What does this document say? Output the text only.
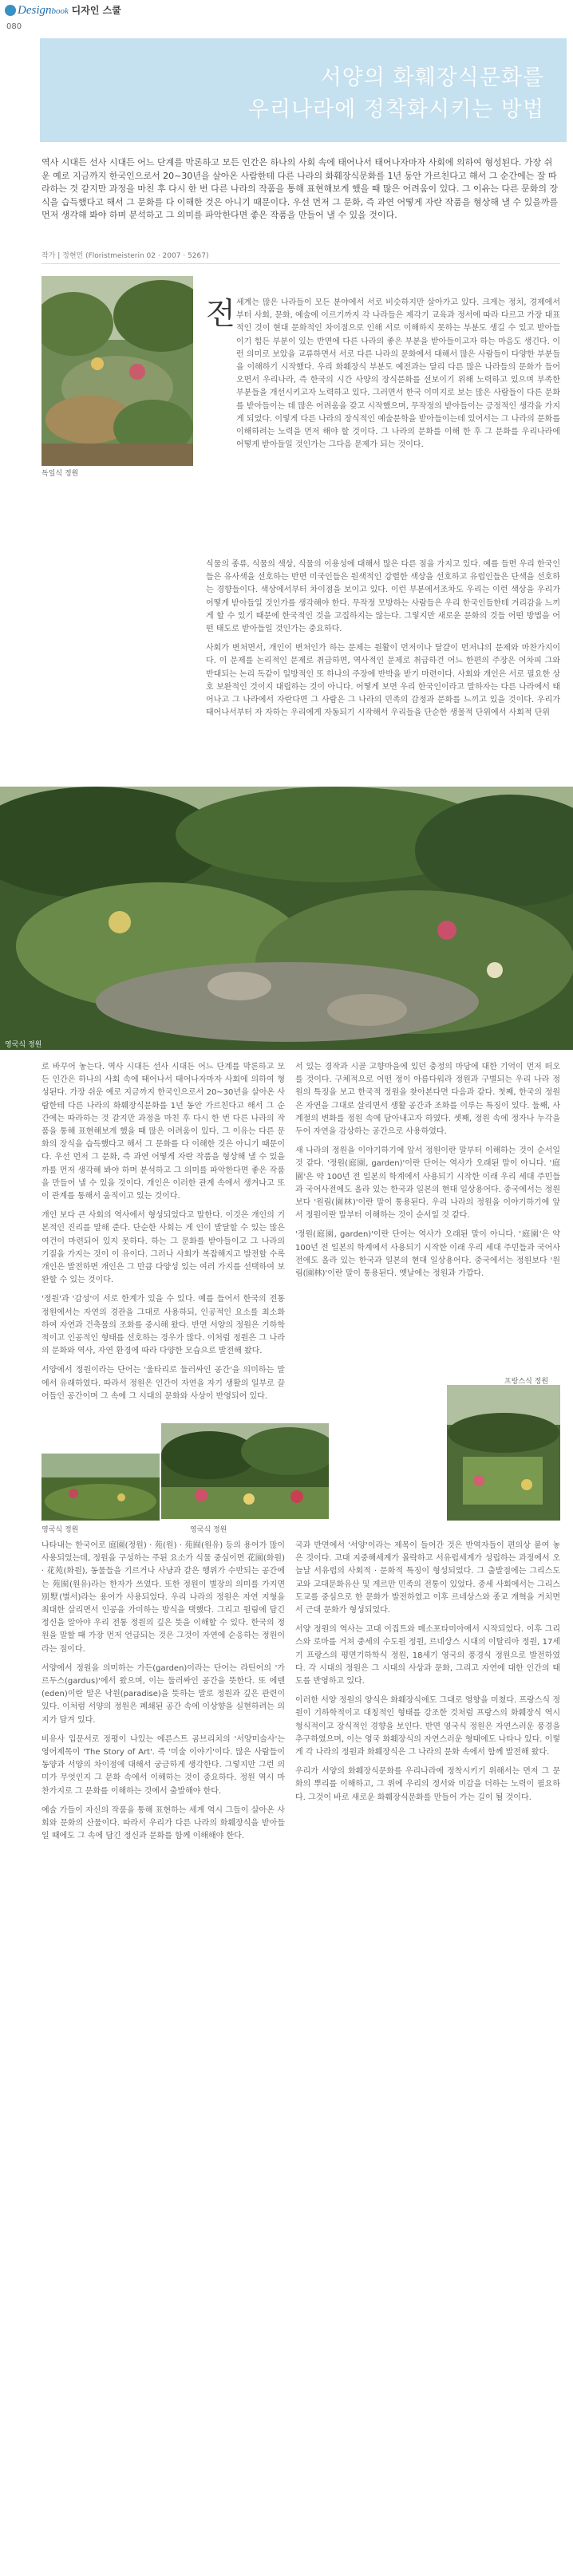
Designbook 디자인 스쿨
080
서양의 화훼장식문화를
우리나라에 정착화시키는 방법
역사 시대든 선사 시대든 어느 단계를 막론하고 모든 인간은 하나의 사회 속에 태어나서 태어나자마자 사회에 의하여 형성된다. 가장 쉬운 예로 지금까지 한국인으로서 20~30년을 살아온 사람한테 다른 나라의 화훼장식문화를 1년 동안 가르친다고 해서 그 순간에는 잘 따라하는 것 같지만 과정을 마친 후 다시 한 번 다른 나라의 작품을 통해 표현해보게 했을 때 많은 어려움이 있다. 그 이유는 다른 문화의 장식을 습득했다고 해서 그 문화를 다 이해한 것은 아니기 때문이다. 우선 먼저 그 문화, 즉 과연 어떻게 자란 작품을 형상해 낼 수 있을까를 먼저 생각해 봐야 하며 분석하고 그 의미를 파악한다면 좋은 작품을 만들어 낼 수 있을 것이다.
작가 | 정현민 (Floristmeisterin 02 · 2007 · 5267)
독일식 정원
전 세계는 많은 나라들이 모든 분야에서 서로 비슷하지만 살아가고 있다. 크게는 정치, 경제에서부터 사회, 문화, 예술에 이르기까지 각 나라들은 제각기 교육과 정서에 따라 다르고 가장 대표적인 것이 현대 문화적인 차이점으로 인해 서로 이해하지 못하는 부분도 생길 수 있고 받아들이기 힘든 부분이 있는 반면에 다른 나라의 좋은 부분을 받아들이고자 하는 마음도 생긴다. 이런 의미로 보았을 교류하면서 서로 다른 나라의 문화에서 대해서 많은 사람들이 다양한 부분들을 이해하기 시작했다. 우리 화훼장식 부분도 예전과는 달리 다른 많은 나라들의 문화가 들어 오면서 우리나라, 즉 한국의 시간 사양의 장식문화를 선보이기 위해 노력하고 있으며 부족한 부분들을 개선시키고자 노력하고 있다. 그러면서 한국 이미지로 보는 많은 사람들이 다른 문화를 받아들이는 데 많은 어려움을 갖고 시작했으며, 무작정의 받아들이는 긍정적인 생각을 가지게 되었다. 이렇게 다른 나라의 장식적인 예술문학을 받아들이는데 있어서는 그 나라의 문화를 이해하려는 노력을 먼저 해야 할 것이다. 그 나라의 문화를 이해 한 후 그 문화를 우리나라에 어떻게 받아들일 것인가는 그다음 문제가 되는 것이다.

식물의 종류, 식물의 색상, 식물의 이용성에 대해서 많은 다른 점을 가지고 있다. 예를 들면 우리 한국인들은 유사색을 선호하는 반면 미국인들은 원색적인 강렬한 색상을 선호하고 유럽인들은 단색을 선호하는 경향들이다. 색상에서부터 차이점을 보이고 있다. 이런 부분에서조차도 우리는 이런 색상을 우리가 어떻게 받아들일 것인가를 생각해야 한다. 무작정 모방하는 사람들은 우리 한국인들한테 거리감을 느끼게 할 수 있기 때문에 한국적인 것을 고집하지는 않는다. 그렇지만 새로운 문화의 것들 어떤 방법을 어떤 태도로 받아들일 것인가는 중요하다.

사회가 변처면서, 개인이 변처인가 하는 문제는 원활이 먼저이나 달걀이 먼저냐의 문제와 마찬가지이다. 이 문제를 논리적인 문제로 취급하면, 역사적인 문제로 취급하건 어느 한편의 주장은 어차피 그와 반대되는 논리 독같이 일방적인 또 하나의 주장에 반박을 받기 마련이다. 사회와 개인은 서로 필요한 상호 보완적인 것이지 대립하는 것이 아니다. 어떻게 보면 우리 한국인이라고 말하자는 다른 나라에서 태어나고 그 나라에서 자란다면 그 사람은 그 나라의 민족의 감정과 문화를 느끼고 있을 것이다. 우리가 태어나서부터 자 자하는 우리에게 자동되기 시작해서 우리들을 단순한 생물적 단위에서 사회적 단위

영국식 정원

로 바꾸어 놓는다. 역사 시대든 선사 시대든 어느 단계를 막론하고 모든 인간은 하나의 사회 속에 태어나서 태어나자마자 사회에 의하여 형성된다. 가장 쉬운 예로 지금까지 한국인으로서 20~30년을 살아온 사람한테 다른 나라의 화훼장식문화를 1년 동안 가르친다고 해서 그 순간에는 따라하는 것 같지만 과정을 마친 후 다시 한 번 다른 나라의 작품을 통해 표현해보게 했을 때 많은 어려움이 있다. 그 이유는 다른 문화의 장식을 습득했다고 해서 그 문화를 다 이해한 것은 아니기 때문이다. 우선 먼저 그 문화, 즉 과연 어떻게 자란 작품을 형상해 낼 수 있을까를 먼저 생각해 봐야 하며 분석하고 그 의미를 파악한다면 좋은 작품을 만들어 낼 수 있을 것이다. 개인은 이러한 관계 속에서 생겨나고 또 이 관계를 통해서 움직이고 있는 것이다.

개인 보다 큰 사회의 역사에서 형성되었다고 말한다. 이것은 개인의 기본적인 진리를 말해 준다. 단순한 사회는 게 인이 발달할 수 있는 많은 여건이 마련되어 있지 못하다. 하는 그 문화를 받아들이고 그 나라의 기질을 가지는 것이 이 유이다. 그러나 사회가 복잡해지고 발전할 수록 개인은 발전하면 개인은 그 만큼 다양성 있는 여러 가지를 선택하여 보완할 수 있는 것이다.

'정원'과 '감성'이 서로 한계가 있을 수 있다. 예를 들어서 한국의 전통 정원에서는 자연의 경관을 그대로 사용하되, 인공적인 요소를 최소화하여 자연과 건축물의 조화를 중시해 왔다. 반면 서양의 정원은 기하학적이고 인공적인 형태를 선호하는 경우가 많다. 이처럼 정원은 그 나라의 문화와 역사, 자연 환경에 따라 다양한 모습으로 발전해 왔다.

서양에서 정원이라는 단어는 '울타리로 둘러싸인 공간'을 의미하는 말에서 유래하였다. 따라서 정원은 인간이 자연을 자기 생활의 일부로 끌어들인 공간이며 그 속에 그 시대의 문화와 사상이 반영되어 있다.

서 있는 경작과 시골 고향마을에 있던 충정의 마당에 대한 기억이 먼저 떠오를 것이다. 구체적으로 어떤 정이 아름다워라 정원과 구별되는 우리 나라 정원의 특징을 보고 한국적 정원을 찾아본다면 다음과 같다. 첫째, 한국의 정원은 자연을 그대로 살리면서 생활 공간과 조화를 이루는 특징이 있다. 둘째, 사계절의 변화를 정원 속에 담아내고자 하였다. 셋째, 정원 속에 정자나 누각을 두어 자연을 감상하는 공간으로 사용하였다.

새 나라의 정원을 이야기하기에 앞서 정원이란 말부터 이해하는 것이 순서일 것 같다. '정원(庭園, garden)'이란 단어는 역사가 오래된 말이 아니다. '庭園'은 약 100년 전 일본의 학계에서 사용되기 시작한 이래 우리 세대 주민들과 국어사전에도 올라 있는 한국과 일본의 현대 일상용어다. 중국에서는 정원보다 '원림(園林)'이란 말이 통용된다. 우리 나라의 정원을 이야기하기에 앞서 정원이란 말부터 이해하는 것이 순서일 것 같다.

'정원(庭園, garden)'이란 단어는 역사가 오래된 말이 아니다. '庭園'은 약 100년 전 일본의 학계에서 사용되기 시작한 이래 우리 세대 주민들과 국어사전에도 올라 있는 한국과 일본의 현대 일상용어다. 중국에서는 정원보다 '원림(園林)'이란 말이 통용된다. 옛날에는 정원과 가깝다.

영국식 정원	영국식 정원
프랑스식 정원

나타내는 한국어로 庭園(정원) · 苑(원) · 苑囿(원유) 등의 용어가 많이 사용되었는데, 정원을 구성하는 주된 요소가 식물 중심이면 花園(화원) · 花苑(화원), 동물들을 기르거나 사냥과 같은 행위가 수반되는 공간에는 苑囿(원유)라는 한자가 쓰였다. 또한 정원이 별장의 의미를 가지면 別墅(별서)라는 용어가 사용되었다. 우리 나라의 정원은 자연 지형을 최대한 살리면서 인공을 가미하는 방식을 택했다. 그리고 원림에 담긴 정신을 알아야 우리 전통 정원의 깊은 뜻을 이해할 수 있다. 한국의 정원을 말할 때 가장 먼저 언급되는 것은 그것이 자연에 순응하는 정원이라는 점이다.

서양에서 정원을 의미하는 가든(garden)이라는 단어는 라틴어의 '가르두스(gardus)'에서 왔으며, 이는 둘러싸인 공간을 뜻한다. 또 에덴(eden)이란 말은 낙원(paradise)을 뜻하는 말로 정원과 깊은 관련이 있다. 이처럼 서양의 정원은 폐쇄된 공간 속에 이상향을 실현하려는 의지가 담겨 있다.

비유사 입문서로 정평이 나있는 에른스트 곰브리치의 '서양미술사'는 영어제목이 'The Story of Art'. 즉 '미술 이야기'이다. 많은 사람들이 동양과 서양의 차이점에 대해서 궁금하게 생각한다. 그렇지만 그런 의미가 무엇인지 그 문화 속에서 이해하는 것이 중요하다. 정원 역시 마찬가지로 그 문화를 이해하는 것에서 출발해야 한다.

예술 가들이 자신의 작품을 통해 표현하는 세계 역시 그들이 살아온 사회와 문화의 산물이다. 따라서 우리가 다른 나라의 화훼장식을 받아들일 때에도 그 속에 담긴 정신과 문화를 함께 이해해야 한다.

국과 반면에서 '서양'이라는 제목이 들어간 것은 반역자들이 편의상 붙여 놓은 것이다. 고대 지중해세계가 몰락하고 서유럽세계가 성립하는 과정에서 오늘날 서유럽의 사회적 · 문화적 특징이 형성되었다. 그 출발점에는 그리스도교와 고대문화유산 및 게르만 민족의 전통이 있었다. 중세 사회에서는 그리스도교를 중심으로 한 문화가 발전하였고 이후 르네상스와 종교 개혁을 거치면서 근대 문화가 형성되었다.

서양 정원의 역사는 고대 이집트와 메소포타미아에서 시작되었다. 이후 그리스와 로마를 거쳐 중세의 수도원 정원, 르네상스 시대의 이탈리아 정원, 17세기 프랑스의 평면기하학식 정원, 18세기 영국의 풍경식 정원으로 발전하였다. 각 시대의 정원은 그 시대의 사상과 문화, 그리고 자연에 대한 인간의 태도를 반영하고 있다.

이러한 서양 정원의 양식은 화훼장식에도 그대로 영향을 미쳤다. 프랑스식 정원이 기하학적이고 대칭적인 형태를 강조한 것처럼 프랑스의 화훼장식 역시 형식적이고 장식적인 경향을 보인다. 반면 영국식 정원은 자연스러운 풍경을 추구하였으며, 이는 영국 화훼장식의 자연스러운 형태에도 나타나 있다. 이렇게 각 나라의 정원과 화훼장식은 그 나라의 문화 속에서 함께 발전해 왔다.

우리가 서양의 화훼장식문화를 우리나라에 정착시키기 위해서는 먼저 그 문화의 뿌리를 이해하고, 그 위에 우리의 정서와 미감을 더하는 노력이 필요하다. 그것이 바로 새로운 화훼장식문화를 만들어 가는 길이 될 것이다.
